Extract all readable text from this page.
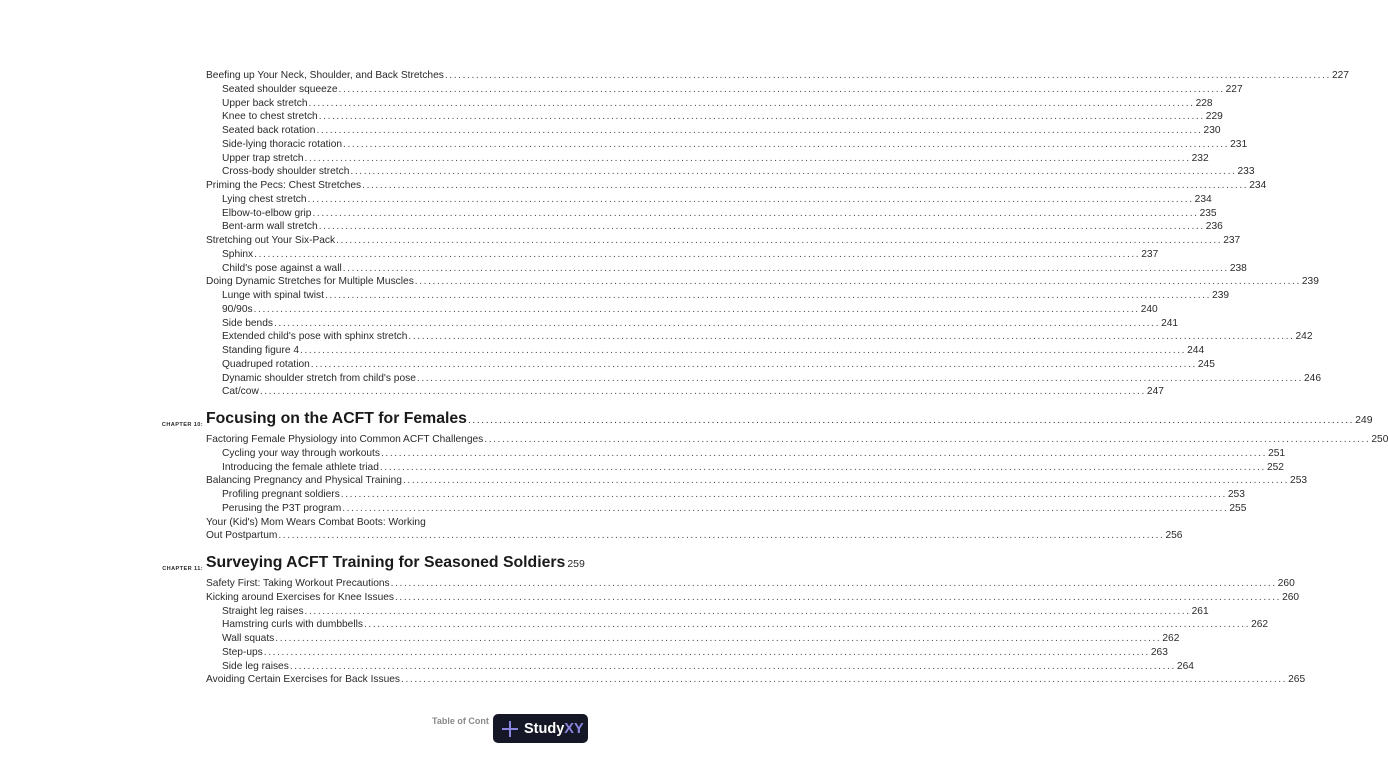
Beefing up Your Neck, Shoulder, and Back Stretches ........................................................................................................................................................................................................ 227
Seated shoulder squeeze ........................................................................................................................................................................................................ 227
Upper back stretch ........................................................................................................................................................................................................ 228
Knee to chest stretch ........................................................................................................................................................................................................ 229
Seated back rotation ........................................................................................................................................................................................................ 230
Side-lying thoracic rotation ........................................................................................................................................................................................................ 231
Upper trap stretch ........................................................................................................................................................................................................ 232
Cross-body shoulder stretch ........................................................................................................................................................................................................ 233
Priming the Pecs: Chest Stretches ........................................................................................................................................................................................................ 234
Lying chest stretch ........................................................................................................................................................................................................ 234
Elbow-to-elbow grip ........................................................................................................................................................................................................ 235
Bent-arm wall stretch ........................................................................................................................................................................................................ 236
Stretching out Your Six-Pack ........................................................................................................................................................................................................ 237
Sphinx ........................................................................................................................................................................................................ 237
Child's pose against a wall ........................................................................................................................................................................................................ 238
Doing Dynamic Stretches for Multiple Muscles ........................................................................................................................................................................................................ 239
Lunge with spinal twist ........................................................................................................................................................................................................ 239
90/90s ........................................................................................................................................................................................................ 240
Side bends ........................................................................................................................................................................................................ 241
Extended child's pose with sphinx stretch ........................................................................................................................................................................................................ 242
Standing figure 4 ........................................................................................................................................................................................................ 244
Quadruped rotation ........................................................................................................................................................................................................ 245
Dynamic shoulder stretch from child's pose ........................................................................................................................................................................................................ 246
Cat/cow ........................................................................................................................................................................................................ 247
CHAPTER 10: Focusing on the ACFT for Females ........................................................................................................................................................................................................ 249
Factoring Female Physiology into Common ACFT Challenges ........................................................................................................................................................................................................ 250
Cycling your way through workouts ........................................................................................................................................................................................................ 251
Introducing the female athlete triad ........................................................................................................................................................................................................ 252
Balancing Pregnancy and Physical Training ........................................................................................................................................................................................................ 253
Profiling pregnant soldiers ........................................................................................................................................................................................................ 253
Perusing the P3T program ........................................................................................................................................................................................................ 255
Your (Kid's) Mom Wears Combat Boots: Working
Out Postpartum ........................................................................................................................................................................................................ 256
CHAPTER 11: Surveying ACFT Training for Seasoned Soldiers 259
Safety First: Taking Workout Precautions ........................................................................................................................................................................................................ 260
Kicking around Exercises for Knee Issues ........................................................................................................................................................................................................ 260
Straight leg raises ........................................................................................................................................................................................................ 261
Hamstring curls with dumbbells ........................................................................................................................................................................................................ 262
Wall squats ........................................................................................................................................................................................................ 262
Step-ups ........................................................................................................................................................................................................ 263
Side leg raises ........................................................................................................................................................................................................ 264
Avoiding Certain Exercises for Back Issues ........................................................................................................................................................................................................ 265
Table of Cont Study XY
